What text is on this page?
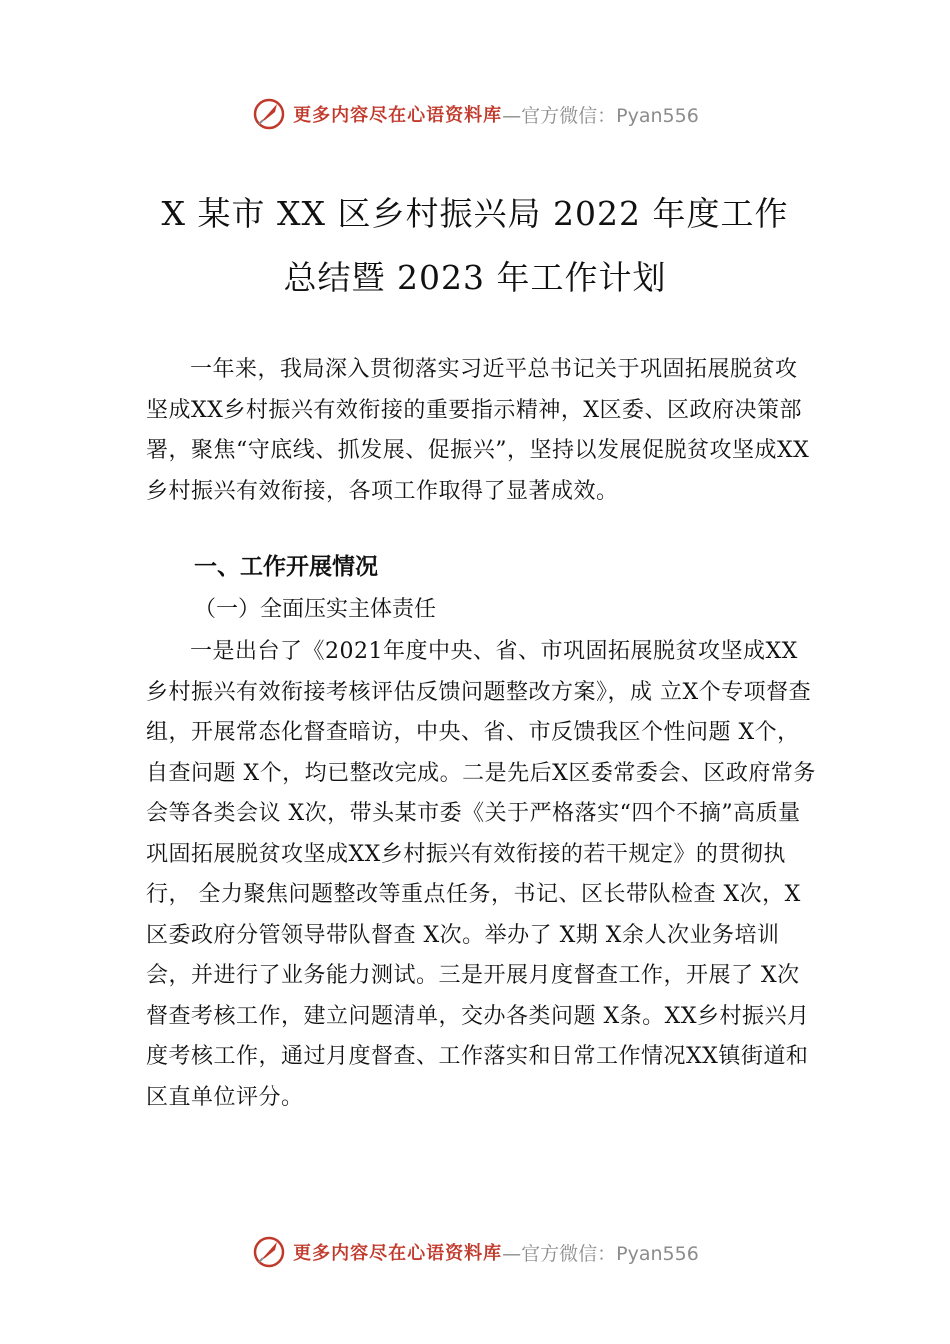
更多内容尽在心语资料库 —官方微信：Pyan556
X 某市 XX 区乡村振兴局 2022 年度工作
总结暨 2023 年工作计划

一年来，我局深入贯彻落实习近平总书记关于巩固拓展脱贫攻坚成XX乡村振兴有效衔接的重要指示精神，X区委、区政府决策部署，聚焦“守底线、抓发展、促振兴”，坚持以发展促脱贫攻坚成XX乡村振兴有效衔接，各项工作取得了显著成效。

一、工作开展情况
（一）全面压实主体责任

一是出台了《2021年度中央、省、市巩固拓展脱贫攻坚成XX乡村振兴有效衔接考核评估反馈问题整改方案》，成 立X个专项督查组，开展常态化督查暗访，中央、省、市反馈我区个性问题 X个，自查问题 X个，均已整改完成。二是先后X区委常委会、区政府常务会等各类会议 X次，带头某市委《关于严格落实“四个不摘”高质量巩固拓展脱贫攻坚成XX乡村振兴有效衔接的若干规定》的贯彻执行， 全力聚焦问题整改等重点任务，书记、区长带队检查 X次，X区委政府分管领导带队督查 X次。举办了 X期 X余人次业务培训会，并进行了业务能力测试。三是开展月度督查工作，开展了 X次督查考核工作，建立问题清单，交办各类问题 X条。XX乡村振兴月度考核工作，通过月度督查、工作落实和日常工作情况XX镇街道和区直单位评分。

更多内容尽在心语资料库 —官方微信：Pyan556
